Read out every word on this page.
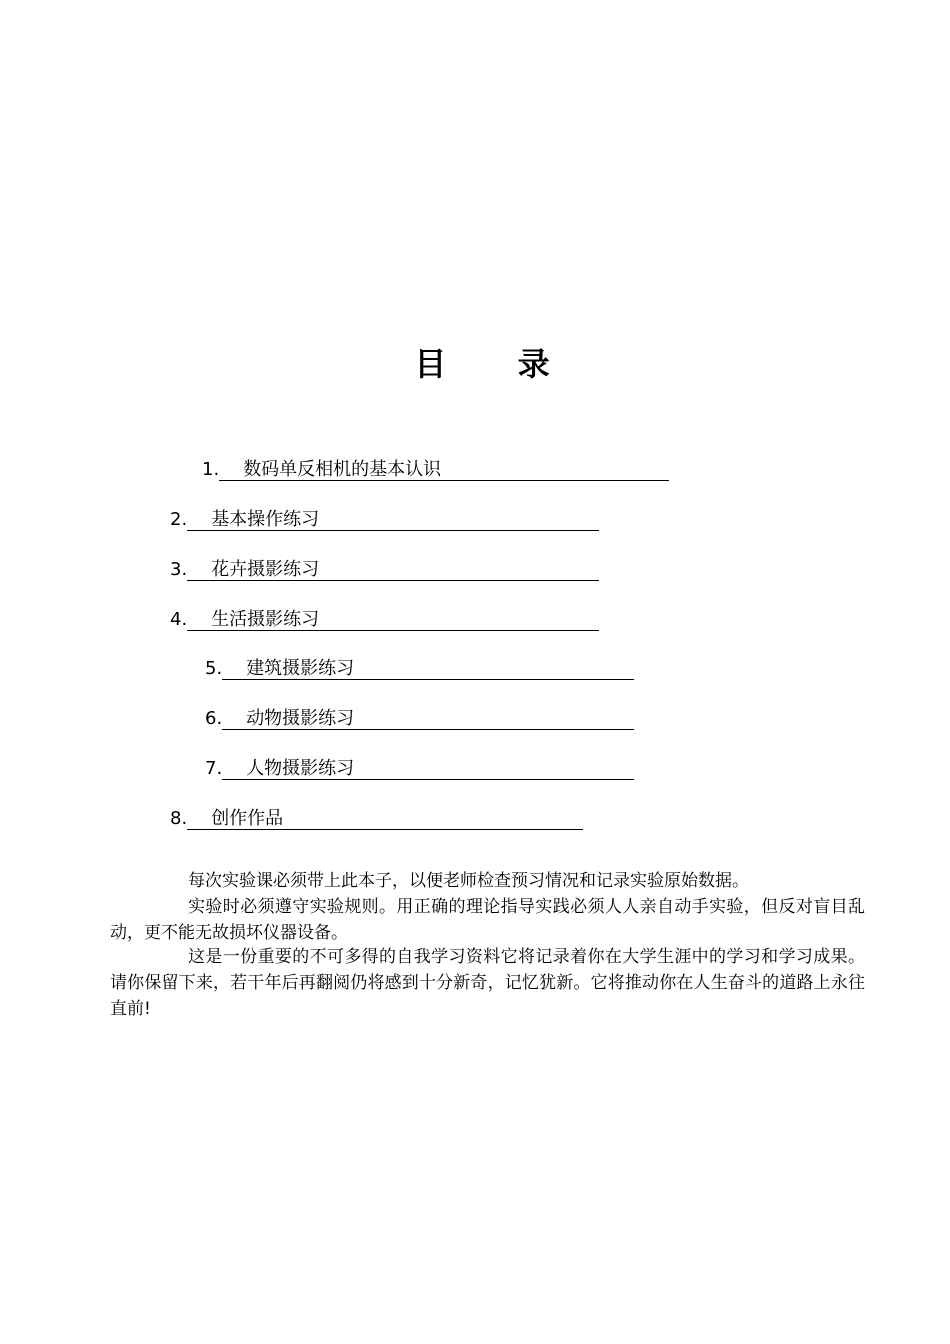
目 录
1. 数码单反相机的基本认识
2. 基本操作练习
3. 花卉摄影练习
4. 生活摄影练习
5. 建筑摄影练习
6. 动物摄影练习
7. 人物摄影练习
8. 创作作品
每次实验课必须带上此本子，以便老师检查预习情况和记录实验原始数据。
实验时必须遵守实验规则。用正确的理论指导实践必须人人亲自动手实验，但反对盲目乱动，更不能无故损坏仪器设备。
这是一份重要的不可多得的自我学习资料它将记录着你在大学生涯中的学习和学习成果。请你保留下来，若干年后再翻阅仍将感到十分新奇，记忆犹新。它将推动你在人生奋斗的道路上永往直前!
